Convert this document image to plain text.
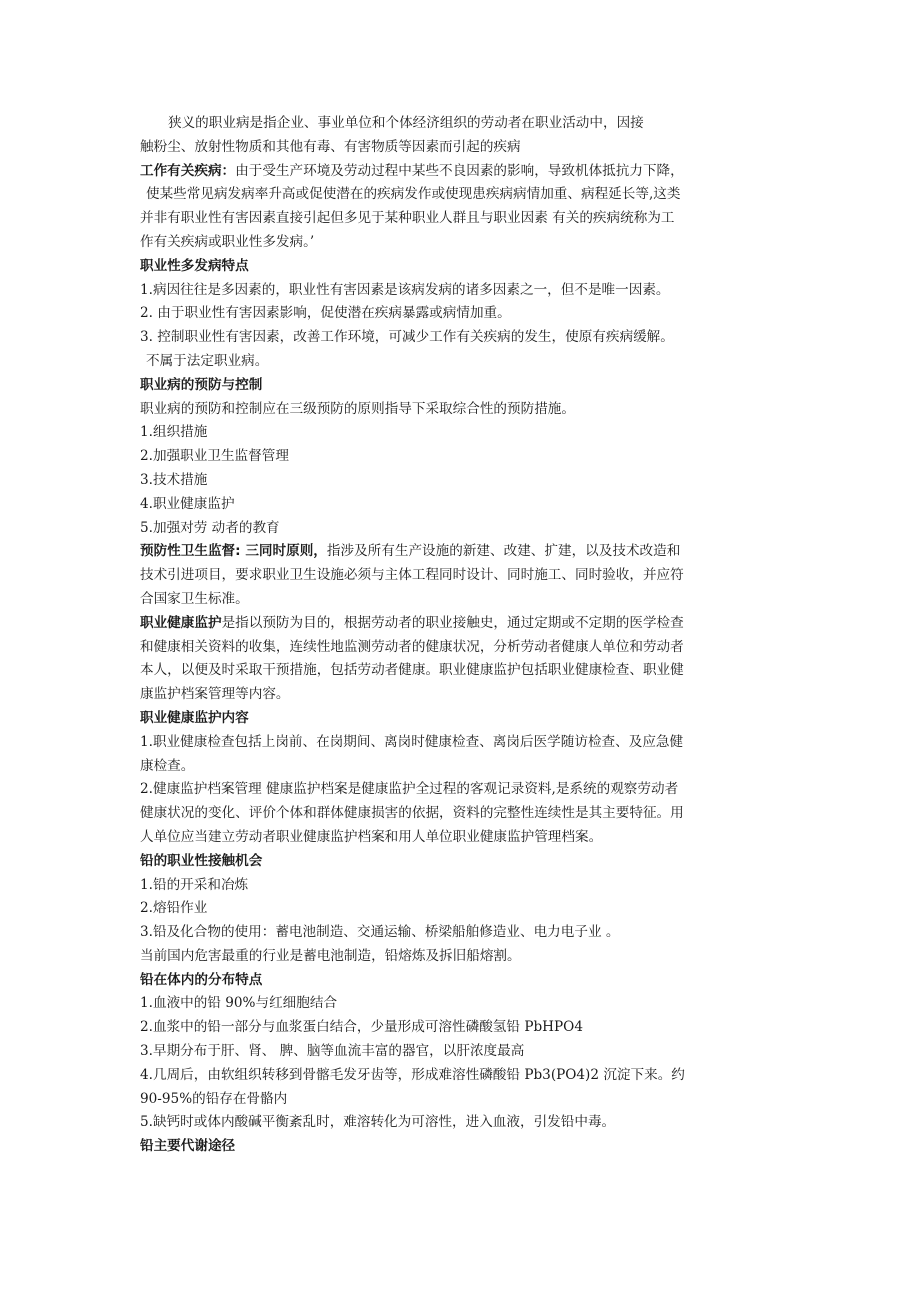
狭义的职业病是指企业、事业单位和个体经济组织的劳动者在职业活动中，因接
触粉尘、放射性物质和其他有毒、有害物质等因素而引起的疾病
工作有关疾病：由于受生产环境及劳动过程中某些不良因素的影响，导致机体抵抗力下降，
使某些常见病发病率升高或促使潜在的疾病发作或使现患疾病病情加重、病程延长等,这类
并非有职业性有害因素直接引起但多见于某种职业人群且与职业因素 有关的疾病统称为工
作有关疾病或职业性多发病。’
职业性多发病特点
1.病因往往是多因素的，职业性有害因素是该病发病的诸多因素之一，但不是唯一因素。
2. 由于职业性有害因素影响，促使潜在疾病暴露或病情加重。
3. 控制职业性有害因素，改善工作环境，可减少工作有关疾病的发生，使原有疾病缓解。
不属于法定职业病。
职业病的预防与控制
职业病的预防和控制应在三级预防的原则指导下采取综合性的预防措施。
1.组织措施
2.加强职业卫生监督管理
3.技术措施
4.职业健康监护
5.加强对劳 动者的教育
预防性卫生监督: 三同时原则，指涉及所有生产设施的新建、改建、扩建，以及技术改造和
技术引进项目，要求职业卫生设施必须与主体工程同时设计、同时施工、同时验收，并应符
合国家卫生标准。
职业健康监护是指以预防为目的，根据劳动者的职业接触史，通过定期或不定期的医学检查
和健康相关资料的收集，连续性地监测劳动者的健康状况，分析劳动者健康人单位和劳动者
本人，以便及时采取干预措施，包括劳动者健康。职业健康监护包括职业健康检查、职业健
康监护档案管理等内容。
职业健康监护内容
1.职业健康检查包括上岗前、在岗期间、离岗时健康检查、离岗后医学随访检查、及应急健
康检查。
2.健康监护档案管理 健康监护档案是健康监护全过程的客观记录资料,是系统的观察劳动者
健康状况的变化、评价个体和群体健康损害的依据，资料的完整性连续性是其主要特征。用
人单位应当建立劳动者职业健康监护档案和用人单位职业健康监护管理档案。
铅的职业性接触机会
1.铅的开采和冶炼
2.熔铅作业
3.铅及化合物的使用：蓄电池制造、交通运输、桥梁船舶修造业、电力电子业 。
当前国内危害最重的行业是蓄电池制造，铅熔炼及拆旧船熔割。
铅在体内的分布特点
1.血液中的铅 90%与红细胞结合
2.血浆中的铅一部分与血浆蛋白结合，少量形成可溶性磷酸氢铅 PbHPO4
3.早期分布于肝、肾、 脾、脑等血流丰富的器官，以肝浓度最高
4.几周后，由软组织转移到骨髂毛发牙齿等，形成难溶性磷酸铅 Pb3(PO4)2 沉淀下来。约
90-95%的铅存在骨骼内
5.缺钙时或体内酸碱平衡紊乱时，难溶转化为可溶性，进入血液，引发铅中毒。
铅主要代谢途径
